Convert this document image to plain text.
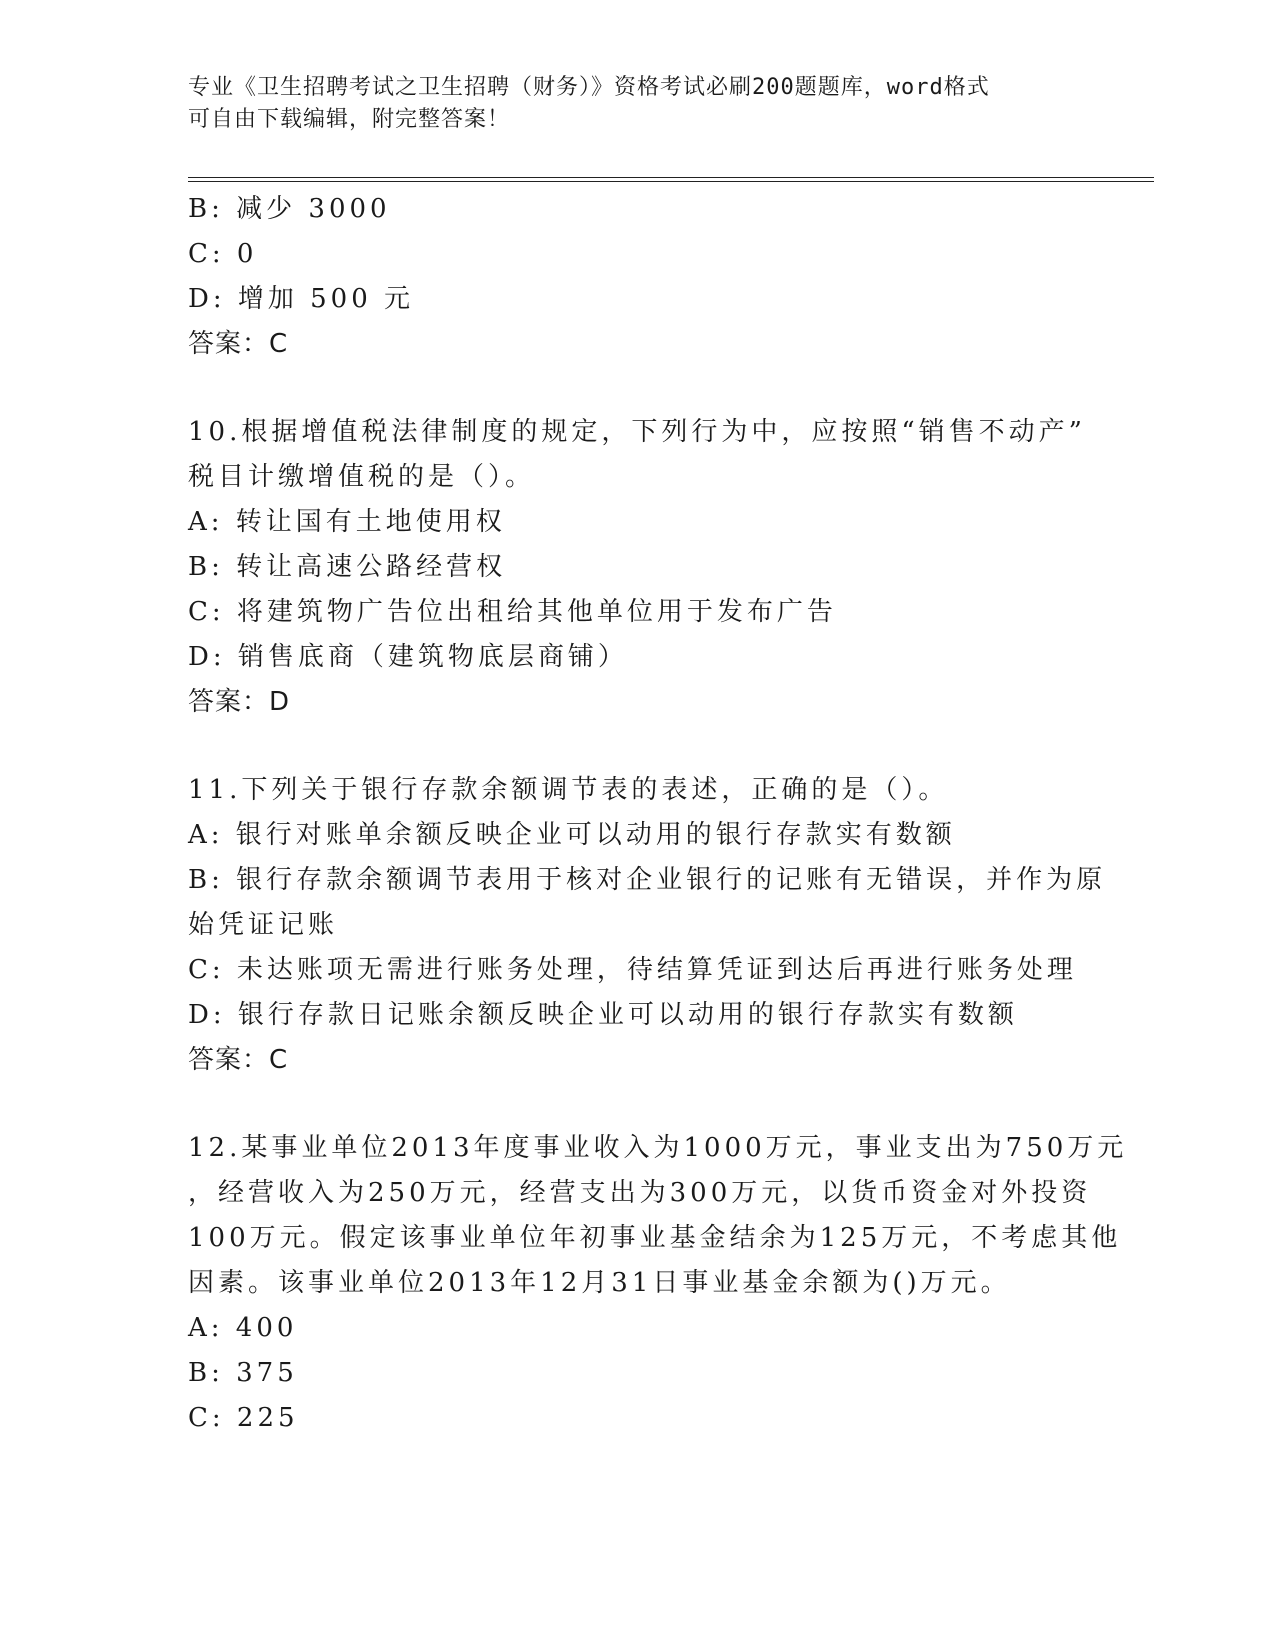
专业《卫生招聘考试之卫生招聘（财务）》资格考试必刷200题题库，word格式
可自由下载编辑，附完整答案！
B: 减少 3000
C: 0
D: 增加 500 元
答案：C
10.根据增值税法律制度的规定，下列行为中，应按照“销售不动产”
税目计缴增值税的是（）。
A: 转让国有土地使用权
B: 转让高速公路经营权
C: 将建筑物广告位出租给其他单位用于发布广告
D: 销售底商（建筑物底层商铺）
答案：D
11.下列关于银行存款余额调节表的表述，正确的是（）。
A: 银行对账单余额反映企业可以动用的银行存款实有数额
B: 银行存款余额调节表用于核对企业银行的记账有无错误，并作为原
始凭证记账
C: 未达账项无需进行账务处理，待结算凭证到达后再进行账务处理
D: 银行存款日记账余额反映企业可以动用的银行存款实有数额
答案：C
12.某事业单位2013年度事业收入为1000万元，事业支出为750万元
，经营收入为250万元，经营支出为300万元，以货币资金对外投资
100万元。假定该事业单位年初事业基金结余为125万元，不考虑其他
因素。该事业单位2013年12月31日事业基金余额为()万元。
A: 400
B: 375
C: 225
